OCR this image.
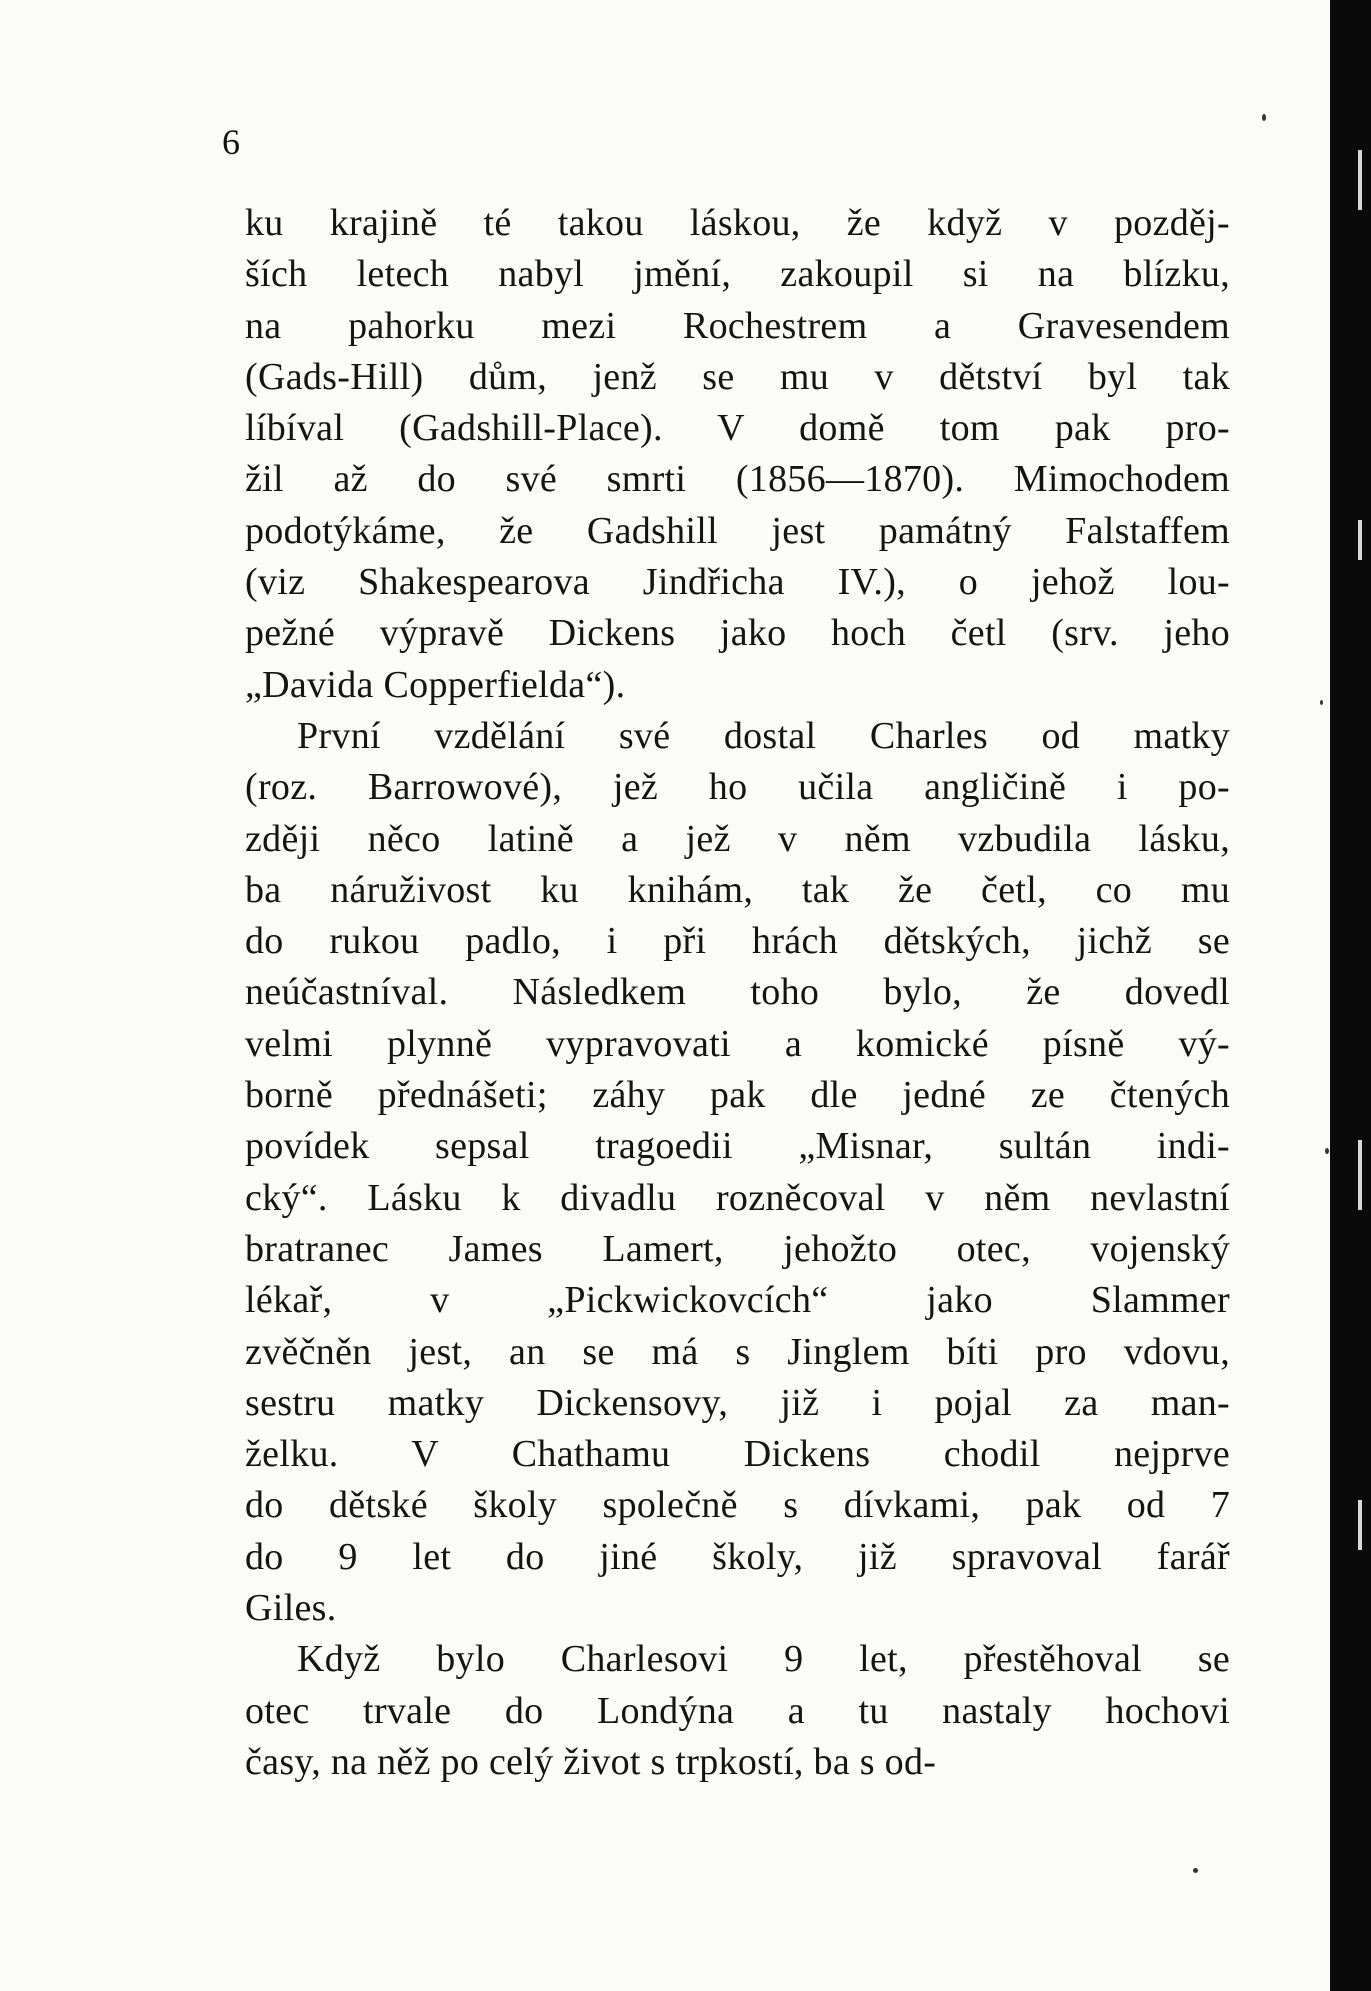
6
ku krajině té takou láskou, že když v pozděj-
ších letech nabyl jmění, zakoupil si na blízku,
na pahorku mezi Rochestrem a Gravesendem
(Gads-Hill) dům, jenž se mu v dětství byl tak
líbíval (Gadshill-Place). V domě tom pak pro-
žil až do své smrti (1856—1870). Mimochodem
podotýkáme, že Gadshill jest památný Falstaffem
(viz Shakespearova Jindřicha IV.), o jehož lou-
pežné výpravě Dickens jako hoch četl (srv. jeho
„Davida Copperfielda“).
První vzdělání své dostal Charles od matky
(roz. Barrowové), jež ho učila angličině i po-
zději něco latině a jež v něm vzbudila lásku,
ba náruživost ku knihám, tak že četl, co mu
do rukou padlo, i při hrách dětských, jichž se
neúčastníval. Následkem toho bylo, že dovedl
velmi plynně vypravovati a komické písně vý-
borně přednášeti; záhy pak dle jedné ze čtených
povídek sepsal tragoedii „Misnar, sultán indi-
cký“. Lásku k divadlu rozněcoval v něm nevlastní
bratranec James Lamert, jehožto otec, vojenský
lékař, v „Pickwickovcích“ jako Slammer
zvěčněn jest, an se má s Jinglem bíti pro vdovu,
sestru matky Dickensovy, již i pojal za man-
želku. V Chathamu Dickens chodil nejprve
do dětské školy společně s dívkami, pak od 7
do 9 let do jiné školy, již spravoval farář
Giles.
Když bylo Charlesovi 9 let, přestěhoval se
otec trvale do Londýna a tu nastaly hochovi
časy, na něž po celý život s trpkostí, ba s od-
